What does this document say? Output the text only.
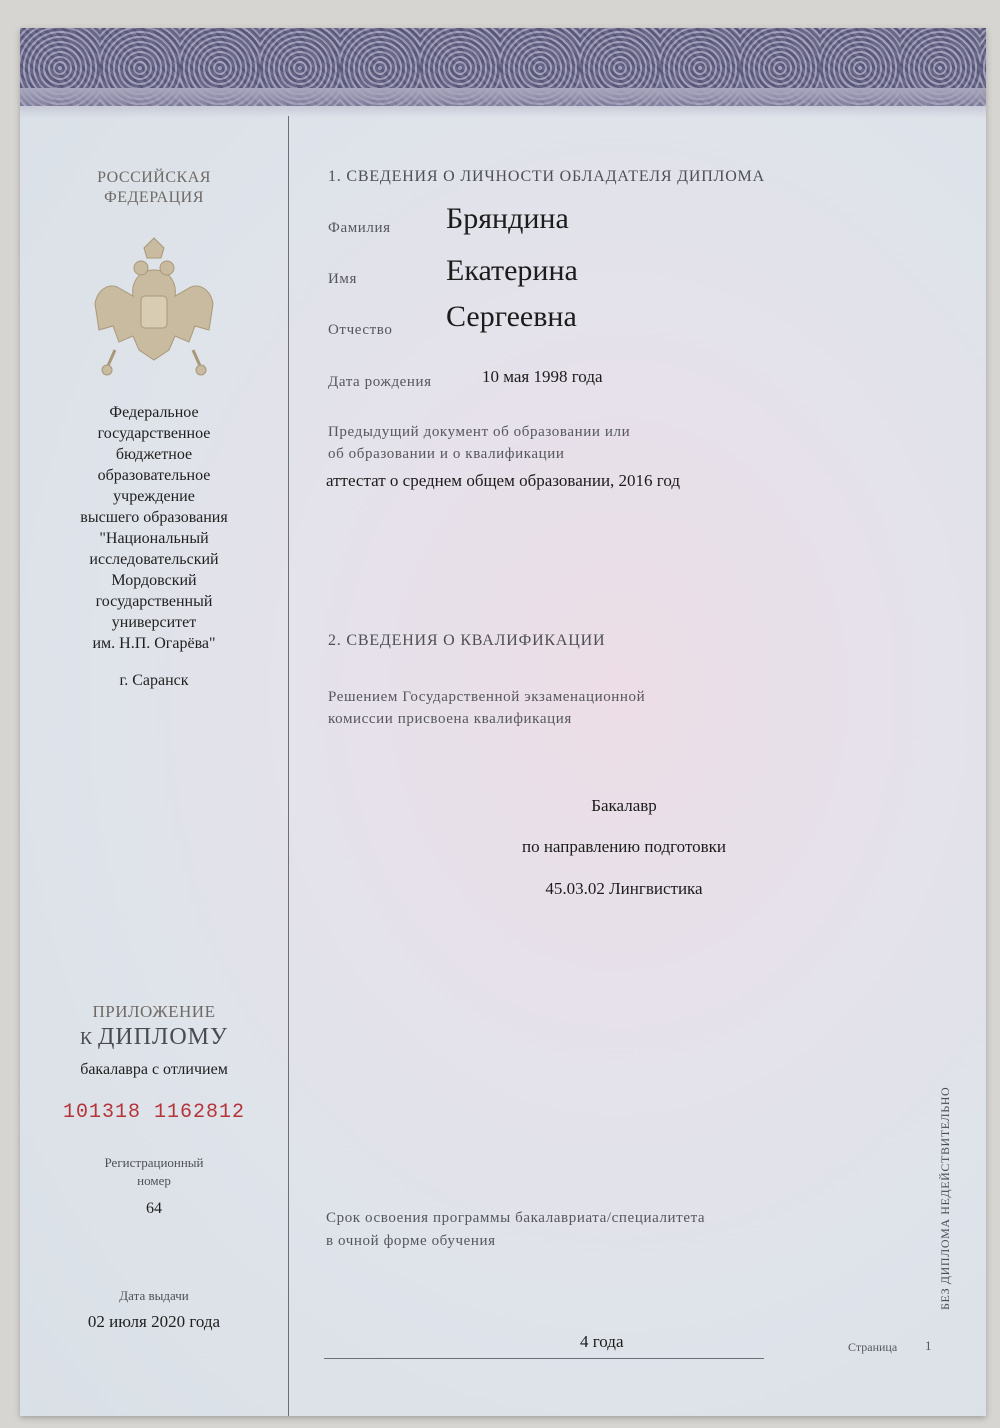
РОССИЙСКАЯ
ФЕДЕРАЦИЯ
Федеральное
государственное
бюджетное
образовательное
учреждение
высшего образования
"Национальный
исследовательский
Мордовский
государственный
университет
им. Н.П. Огарёва"
г. Саранск
ПРИЛОЖЕНИЕ
К ДИПЛОМУ
бакалавра с отличием
101318 1162812
Регистрационный
номер
64
Дата выдачи
02 июля 2020 года
1. СВЕДЕНИЯ О ЛИЧНОСТИ ОБЛАДАТЕЛЯ ДИПЛОМА
Фамилия Бряндина
Имя	Екатерина
Отчество Сергеевна
Дата рождения	10 мая 1998 года
Предыдущий документ об образовании или
об образовании и о квалификации
аттестат о среднем общем образовании, 2016 год
2. СВЕДЕНИЯ О КВАЛИФИКАЦИИ
Решением Государственной экзаменационной
комиссии присвоена квалификация
Бакалавр
по направлению подготовки
45.03.02 Лингвистика
Срок освоения программы бакалавриата/специалитета
в очной форме обучения
4 года	Страница 1
БЕЗ ДИПЛОМА НЕДЕЙСТВИТЕЛЬНО
